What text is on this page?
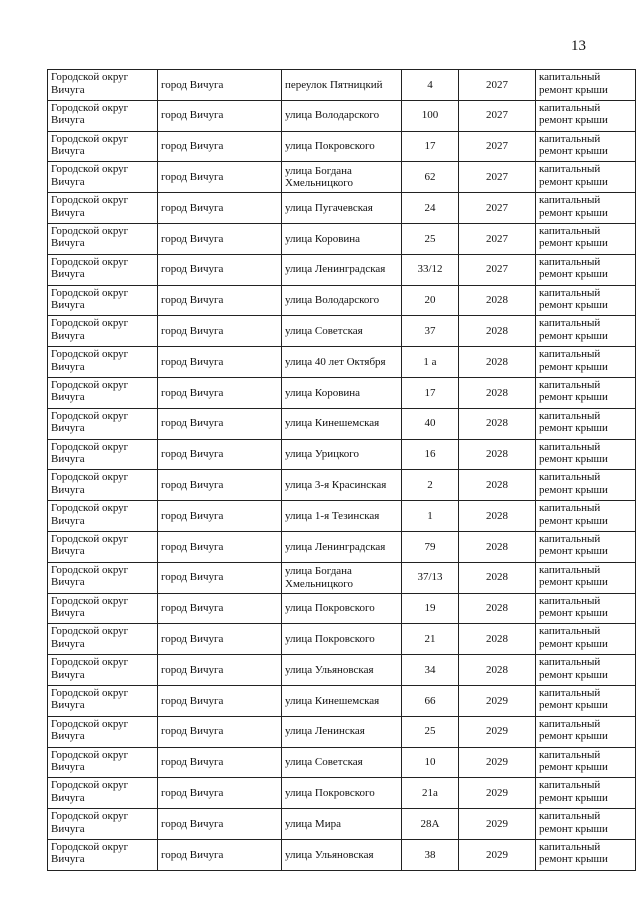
13
Городской округ Вичуга	город Вичуга	переулок Пятницкий	4	2027	капитальный ремонт крыши
Городской округ Вичуга	город Вичуга	улица Володарского	100	2027	капитальный ремонт крыши
Городской округ Вичуга	город Вичуга	улица Покровского	17	2027	капитальный ремонт крыши
Городской округ Вичуга	город Вичуга	улица Богдана Хмельницкого	62	2027	капитальный ремонт крыши
Городской округ Вичуга	город Вичуга	улица Пугачевская	24	2027	капитальный ремонт крыши
Городской округ Вичуга	город Вичуга	улица Коровина	25	2027	капитальный ремонт крыши
Городской округ Вичуга	город Вичуга	улица Ленинградская	33/12	2027	капитальный ремонт крыши
Городской округ Вичуга	город Вичуга	улица Володарского	20	2028	капитальный ремонт крыши
Городской округ Вичуга	город Вичуга	улица Советская	37	2028	капитальный ремонт крыши
Городской округ Вичуга	город Вичуга	улица 40 лет Октября	1 а	2028	капитальный ремонт крыши
Городской округ Вичуга	город Вичуга	улица Коровина	17	2028	капитальный ремонт крыши
Городской округ Вичуга	город Вичуга	улица Кинешемская	40	2028	капитальный ремонт крыши
Городской округ Вичуга	город Вичуга	улица Урицкого	16	2028	капитальный ремонт крыши
Городской округ Вичуга	город Вичуга	улица 3-я Красинская	2	2028	капитальный ремонт крыши
Городской округ Вичуга	город Вичуга	улица 1-я Тезинская	1	2028	капитальный ремонт крыши
Городской округ Вичуга	город Вичуга	улица Ленинградская	79	2028	капитальный ремонт крыши
Городской округ Вичуга	город Вичуга	улица Богдана Хмельницкого	37/13	2028	капитальный ремонт крыши
Городской округ Вичуга	город Вичуга	улица Покровского	19	2028	капитальный ремонт крыши
Городской округ Вичуга	город Вичуга	улица Покровского	21	2028	капитальный ремонт крыши
Городской округ Вичуга	город Вичуга	улица Ульяновская	34	2028	капитальный ремонт крыши
Городской округ Вичуга	город Вичуга	улица Кинешемская	66	2029	капитальный ремонт крыши
Городской округ Вичуга	город Вичуга	улица Ленинская	25	2029	капитальный ремонт крыши
Городской округ Вичуга	город Вичуга	улица Советская	10	2029	капитальный ремонт крыши
Городской округ Вичуга	город Вичуга	улица Покровского	21а	2029	капитальный ремонт крыши
Городской округ Вичуга	город Вичуга	улица Мира	28А	2029	капитальный ремонт крыши
Городской округ Вичуга	город Вичуга	улица Ульяновская	38	2029	капитальный ремонт крыши
